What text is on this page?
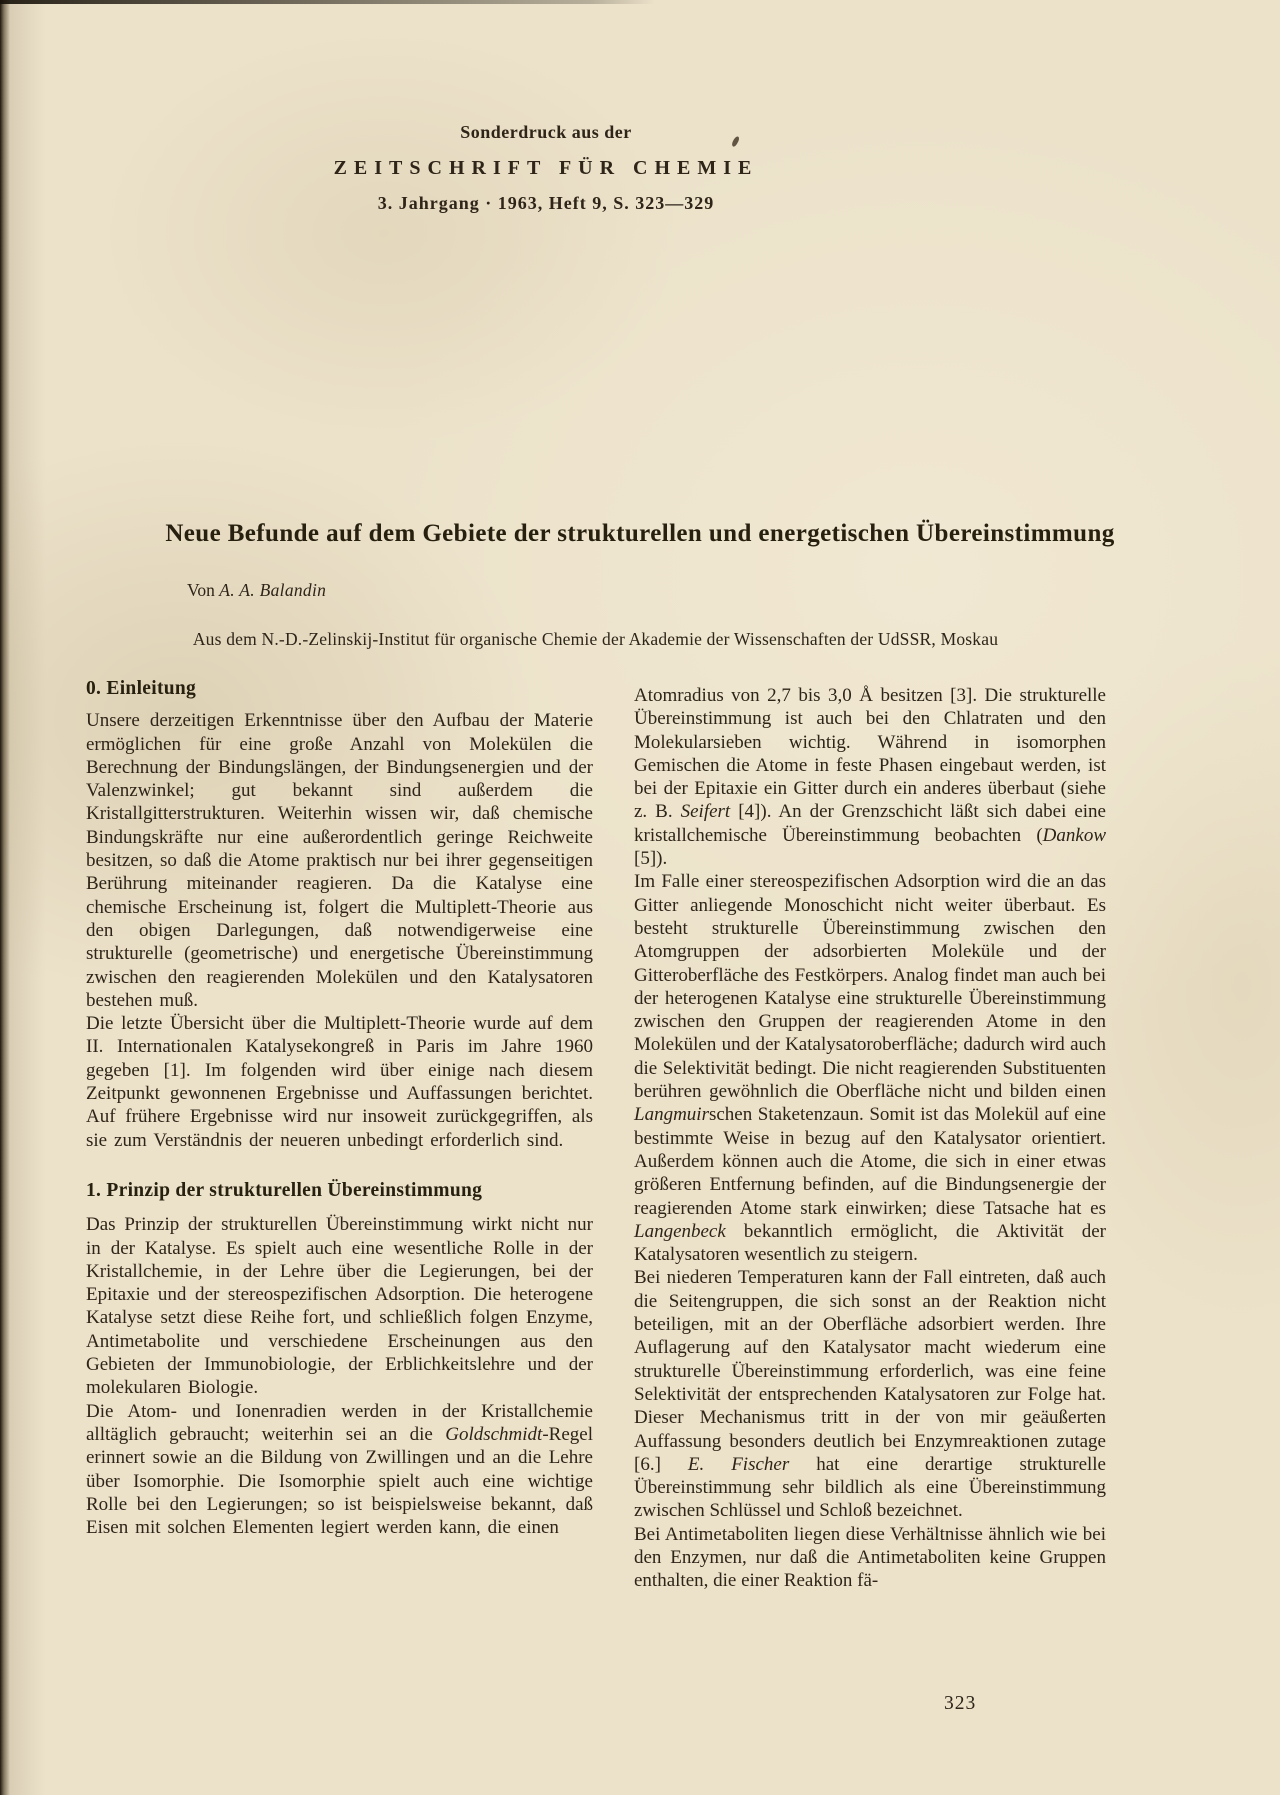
Sonderdruck aus der
ZEITSCHRIFT FÜR CHEMIE
3. Jahrgang · 1963, Heft 9, S. 323—329
Neue Befunde auf dem Gebiete der strukturellen und energetischen Übereinstimmung
Von A. A. Balandin
Aus dem N.-D.-Zelinskij-Institut für organische Chemie der Akademie der Wissenschaften der UdSSR, Moskau
0. Einleitung

Unsere derzeitigen Erkenntnisse über den Aufbau der Materie ermöglichen für eine große Anzahl von Molekülen die Berechnung der Bindungslängen, der Bindungsenergien und der Valenzwinkel; gut bekannt sind außerdem die Kristallgitterstrukturen. Weiterhin wissen wir, daß chemische Bindungskräfte nur eine außerordentlich geringe Reichweite besitzen, so daß die Atome praktisch nur bei ihrer gegenseitigen Berührung miteinander reagieren. Da die Katalyse eine chemische Erscheinung ist, folgert die Multiplett-Theorie aus den obigen Darlegungen, daß notwendigerweise eine strukturelle (geometrische) und energetische Übereinstimmung zwischen den reagierenden Molekülen und den Katalysatoren bestehen muß.

Die letzte Übersicht über die Multiplett-Theorie wurde auf dem II. Internationalen Katalysekongreß in Paris im Jahre 1960 gegeben [1]. Im folgenden wird über einige nach diesem Zeitpunkt gewonnenen Ergebnisse und Auffassungen berichtet. Auf frühere Ergebnisse wird nur insoweit zurückgegriffen, als sie zum Verständnis der neueren unbedingt erforderlich sind.

1. Prinzip der strukturellen Übereinstimmung

Das Prinzip der strukturellen Übereinstimmung wirkt nicht nur in der Katalyse. Es spielt auch eine wesentliche Rolle in der Kristallchemie, in der Lehre über die Legierungen, bei der Epitaxie und der stereospezifischen Adsorption. Die heterogene Katalyse setzt diese Reihe fort, und schließlich folgen Enzyme, Antimetabolite und verschiedene Erscheinungen aus den Gebieten der Immunobiologie, der Erblichkeitslehre und der molekularen Biologie.

Die Atom- und Ionenradien werden in der Kristallchemie alltäglich gebraucht; weiterhin sei an die Goldschmidt-Regel erinnert sowie an die Bildung von Zwillingen und an die Lehre über Isomorphie. Die Isomorphie spielt auch eine wichtige Rolle bei den Legierungen; so ist beispielsweise bekannt, daß Eisen mit solchen Elementen legiert werden kann, die einen

Atomradius von 2,7 bis 3,0 Å besitzen [3]. Die strukturelle Übereinstimmung ist auch bei den Chlatraten und den Molekularsieben wichtig. Während in isomorphen Gemischen die Atome in feste Phasen eingebaut werden, ist bei der Epitaxie ein Gitter durch ein anderes überbaut (siehe z. B. Seifert [4]). An der Grenzschicht läßt sich dabei eine kristallchemische Übereinstimmung beobachten (Dankow [5]).

Im Falle einer stereospezifischen Adsorption wird die an das Gitter anliegende Monoschicht nicht weiter überbaut. Es besteht strukturelle Übereinstimmung zwischen den Atomgruppen der adsorbierten Moleküle und der Gitteroberfläche des Festkörpers. Analog findet man auch bei der heterogenen Katalyse eine strukturelle Übereinstimmung zwischen den Gruppen der reagierenden Atome in den Molekülen und der Katalysatoroberfläche; dadurch wird auch die Selektivität bedingt. Die nicht reagierenden Substituenten berühren gewöhnlich die Oberfläche nicht und bilden einen Langmuirschen Staketenzaun. Somit ist das Molekül auf eine bestimmte Weise in bezug auf den Katalysator orientiert. Außerdem können auch die Atome, die sich in einer etwas größeren Entfernung befinden, auf die Bindungsenergie der reagierenden Atome stark einwirken; diese Tatsache hat es Langenbeck bekanntlich ermöglicht, die Aktivität der Katalysatoren wesentlich zu steigern.

Bei niederen Temperaturen kann der Fall eintreten, daß auch die Seitengruppen, die sich sonst an der Reaktion nicht beteiligen, mit an der Oberfläche adsorbiert werden. Ihre Auflagerung auf den Katalysator macht wiederum eine strukturelle Übereinstimmung erforderlich, was eine feine Selektivität der entsprechenden Katalysatoren zur Folge hat. Dieser Mechanismus tritt in der von mir geäußerten Auffassung besonders deutlich bei Enzymreaktionen zutage [6.] E. Fischer hat eine derartige strukturelle Übereinstimmung sehr bildlich als eine Übereinstimmung zwischen Schlüssel und Schloß bezeichnet.

Bei Antimetaboliten liegen diese Verhältnisse ähnlich wie bei den Enzymen, nur daß die Antimetaboliten keine Gruppen enthalten, die einer Reaktion fä-

323
